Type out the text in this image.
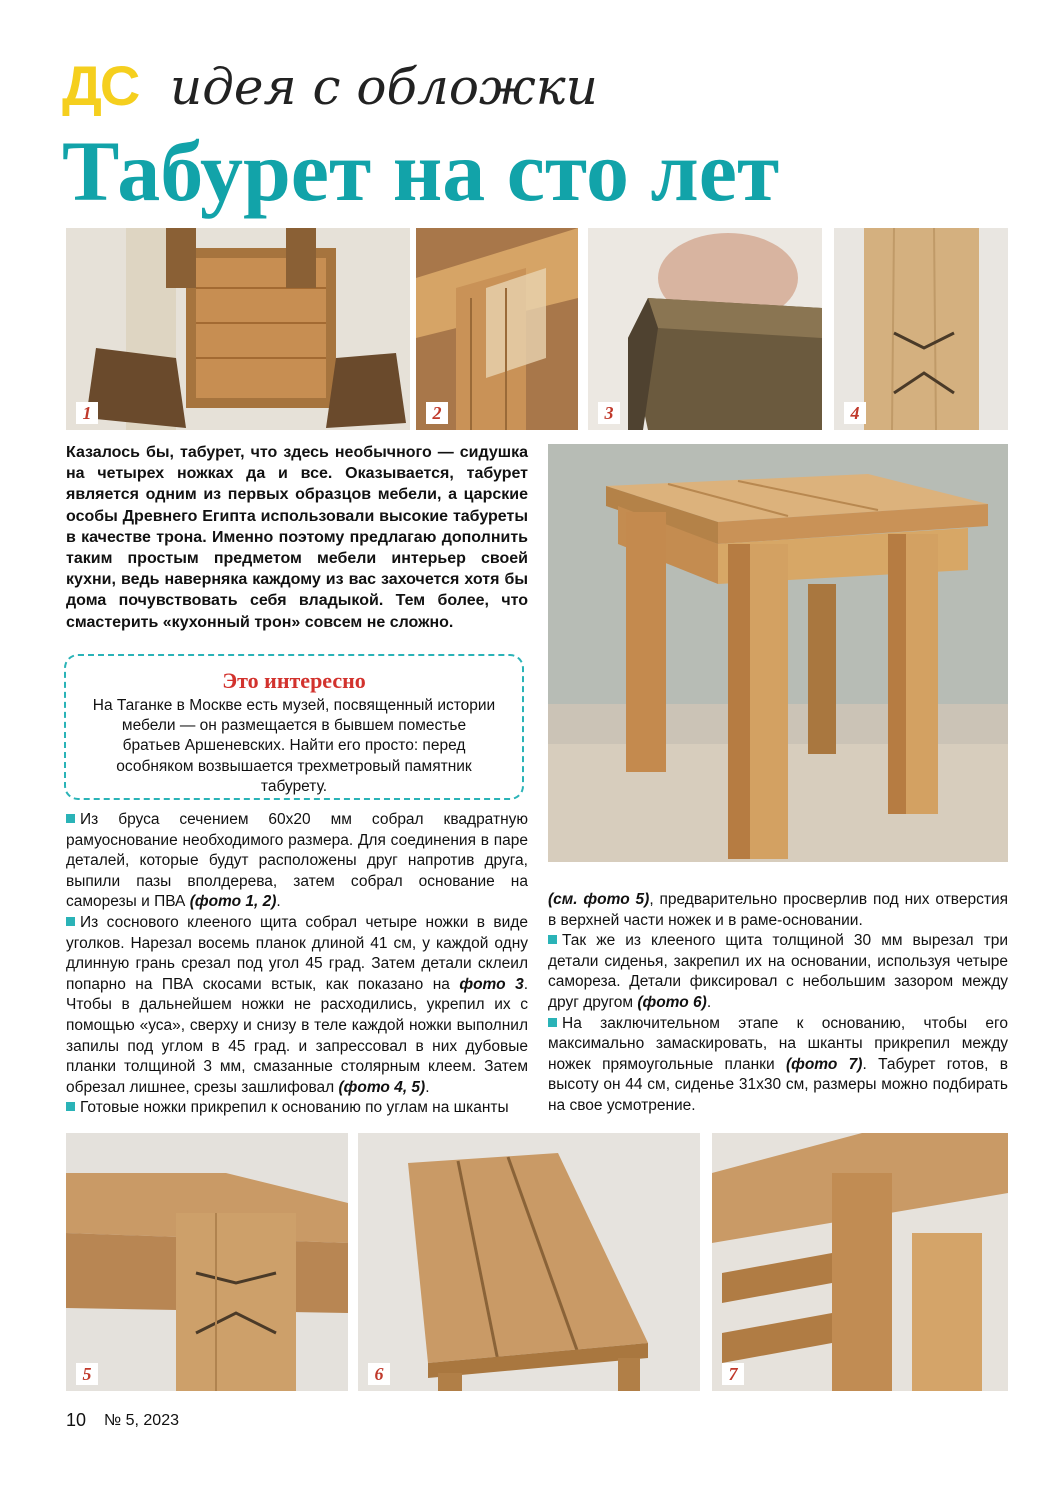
ДС идея с обложки
Табурет на сто лет
1	2	3	4

Казалось бы, табурет, что здесь необычного — сидушка на четырех ножках да и все. Оказывается, табурет является одним из первых образцов мебели, а царские особы Древнего Египта использовали высокие табуреты в качестве трона. Именно поэтому предлагаю дополнить таким простым предметом мебели интерьер своей кухни, ведь наверняка каждому из вас захочется хотя бы дома почувствовать себя владыкой. Тем более, что смастерить «кухонный трон» совсем не сложно.

Это интересно
На Таганке в Москве есть музей, посвященный истории мебели — он размещается в бывшем поместье братьев Аршеневских. Найти его просто: перед особняком возвышается трехметровый памятник табурету.

Из бруса сечением 60x20 мм собрал квадратную рамуоснование необходимого размера. Для соединения в паре деталей, которые будут расположены друг напротив друга, выпили пазы вполдерева, затем собрал основание на саморезы и ПВА (фото 1, 2).

Из соснового клееного щита собрал четыре ножки в виде уголков. Нарезал восемь планок длиной 41 см, у каждой одну длинную грань срезал под угол 45 град. Затем детали склеил попарно на ПВА скосами встык, как показано на фото 3. Чтобы в дальнейшем ножки не расходились, укрепил их с помощью «уса», сверху и снизу в теле каждой ножки выполнил запилы под углом в 45 град. и запрессовал в них дубовые планки толщиной 3 мм, смазанные столярным клеем. Затем обрезал лишнее, срезы зашлифовал (фото 4, 5).

Готовые ножки прикрепил к основанию по углам на шканты

(см. фото 5), предварительно просверлив под них отверстия в верхней части ножек и в раме-основании.

Так же из клееного щита толщиной 30 мм вырезал три детали сиденья, закрепил их на основании, используя четыре самореза. Детали фиксировал с небольшим зазором между друг другом (фото 6).

На заключительном этапе к основанию, чтобы его максимально замаскировать, на шканты прикрепил между ножек прямоугольные планки (фото 7). Табурет готов, в высоту он 44 см, сиденье 31x30 см, размеры можно подбирать на свое усмотрение.

5	6	7
10 № 5, 2023
